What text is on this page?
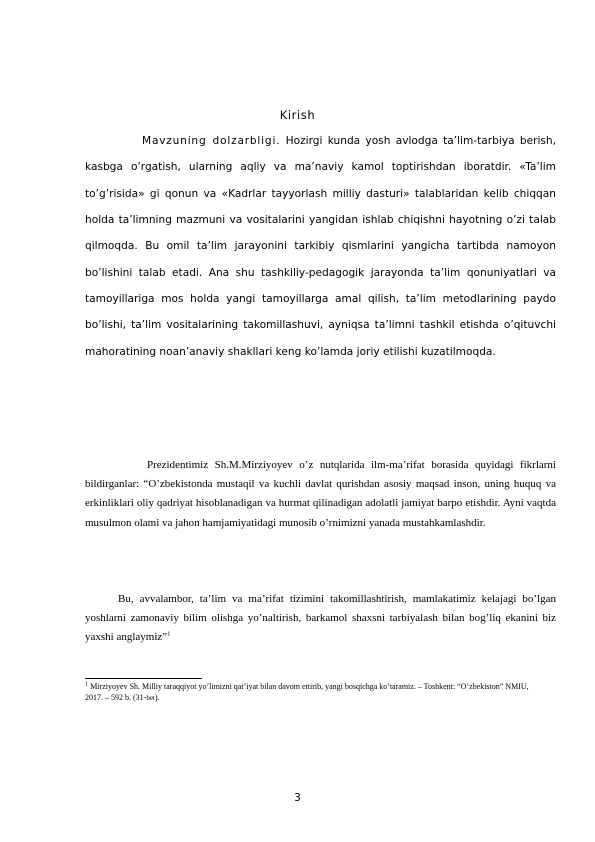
Kirish

Mavzuning dolzarbligi. Hozirgi kunda yosh avlodga ta’lim-tarbiya berish, kasbga o’rgatish, ularning aqliy va ma’naviy kamol toptirishdan iboratdir. «Ta’lim to’g’risida» gi qonun va «Kadrlar tayyorlash milliy dasturi» talablaridan kelib chiqqan holda ta’limning mazmuni va vositalarini yangidan ishlab chiqishni hayotning o’zi talab qilmoqda. Bu omil ta’lim jarayonini tarkibiy qismlarini yangicha tartibda namoyon bo’lishini talab etadi. Ana shu tashkiliy-pedagogik jarayonda ta’lim qonuniyatlari va tamoyillariga mos holda yangi tamoyillarga amal qilish, ta’lim metodlarining paydo bo’lishi, ta’lim vositalarining takomillashuvi, ayniqsa ta’limni tashkil etishda o’qituvchi mahoratining noan’anaviy shakllari keng ko’lamda joriy etilishi kuzatilmoqda.

Prezidentimiz Sh.M.Mirziyoyev o’z nutqlarida ilm-ma’rifat borasida quyidagi fikrlarni bildirganlar: “O’zbekistonda mustaqil va kuchli davlat qurishdan asosiy maqsad inson, uning huquq va erkinliklari oliy qadriyat hisoblanadigan va hurmat qilinadigan adolatli jamiyat barpo etishdir. Ayni vaqtda musulmon olami va jahon hamjamiyatidagi munosib o’rnimizni yanada mustahkamlashdir.

Bu, avvalambor, ta’lim va ma’rifat tizimini takomillashtirish, mamlakatimiz kelajagi bo’lgan yoshlarni zamonaviy bilim olishga yo’naltirish, barkamol shaxsni tarbiyalash bilan bog’liq ekanini biz yaxshi anglaymiz”$^1$

$^1$ Mirziyoyev Sh. Milliy taraqqiyot yo’limizni qat’iyat bilan davom ettirib, yangi bosqichga ko’taramiz. – Toshkent: “O’zbekiston” NMIU, 2017. – 592 b. (31-bet).

3
